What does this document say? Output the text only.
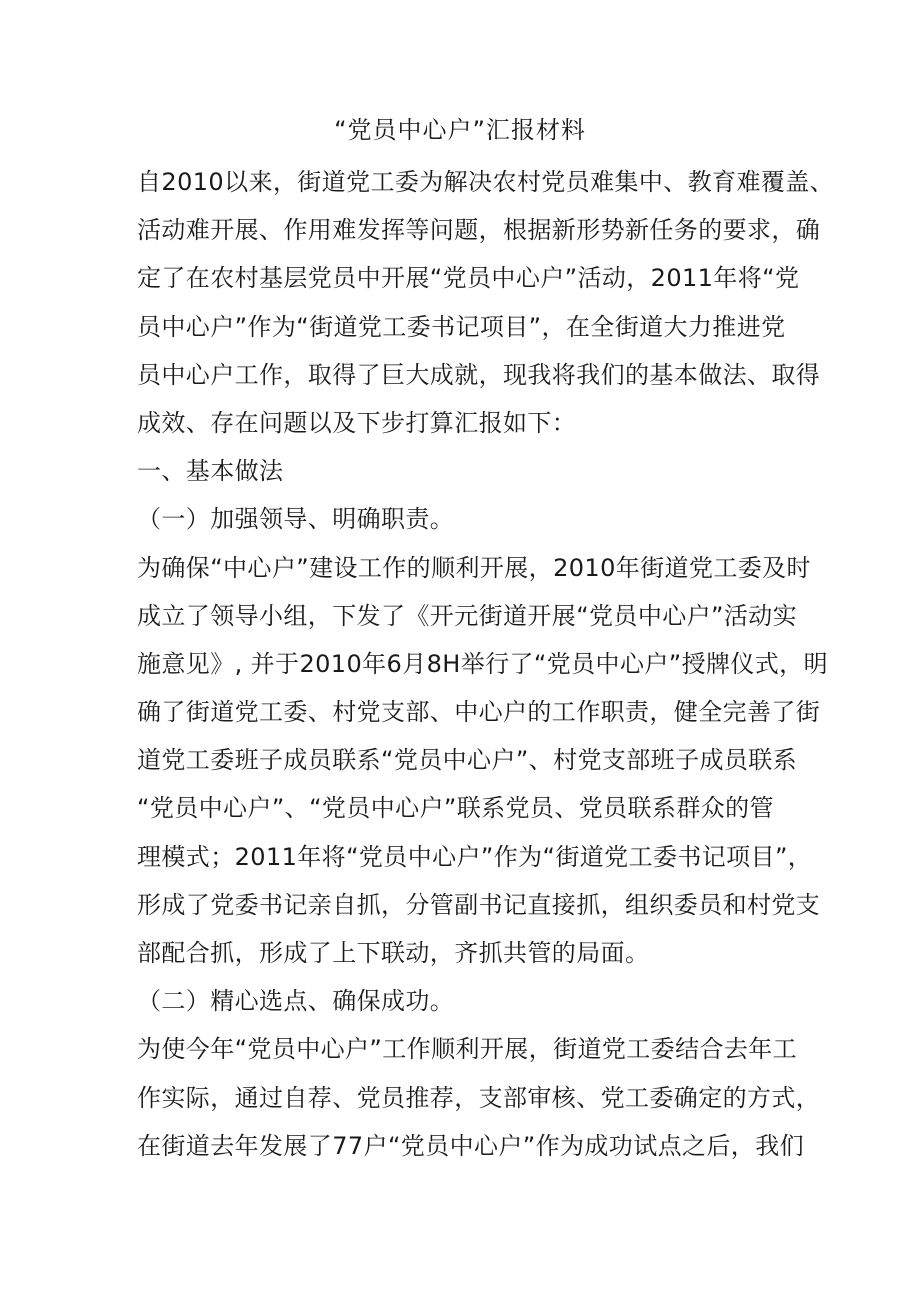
“党员中心户”汇报材料
自2010以来，街道党工委为解决农村党员难集中、教育难覆盖、
活动难开展、作用难发挥等问题，根据新形势新任务的要求，确
定了在农村基层党员中开展“党员中心户”活动，2011年将“党
员中心户”作为“街道党工委书记项目”，在全街道大力推进党
员中心户工作，取得了巨大成就，现我将我们的基本做法、取得
成效、存在问题以及下步打算汇报如下：
一、基本做法
（一）加强领导、明确职责。
为确保“中心户”建设工作的顺利开展，2010年街道党工委及时
成立了领导小组，下发了《开元街道开展“党员中心户”活动实
施意见》, 并于2010年6月8H举行了“党员中心户”授牌仪式，明
确了街道党工委、村党支部、中心户的工作职责，健全完善了街
道党工委班子成员联系“党员中心户”、村党支部班子成员联系
“党员中心户”、“党员中心户”联系党员、党员联系群众的管
理模式；2011年将“党员中心户”作为“街道党工委书记项目”，
形成了党委书记亲自抓，分管副书记直接抓，组织委员和村党支
部配合抓，形成了上下联动，齐抓共管的局面。
（二）精心选点、确保成功。
为使今年“党员中心户”工作顺利开展，街道党工委结合去年工
作实际，通过自荐、党员推荐，支部审核、党工委确定的方式，
在街道去年发展了77户“党员中心户”作为成功试点之后，我们
